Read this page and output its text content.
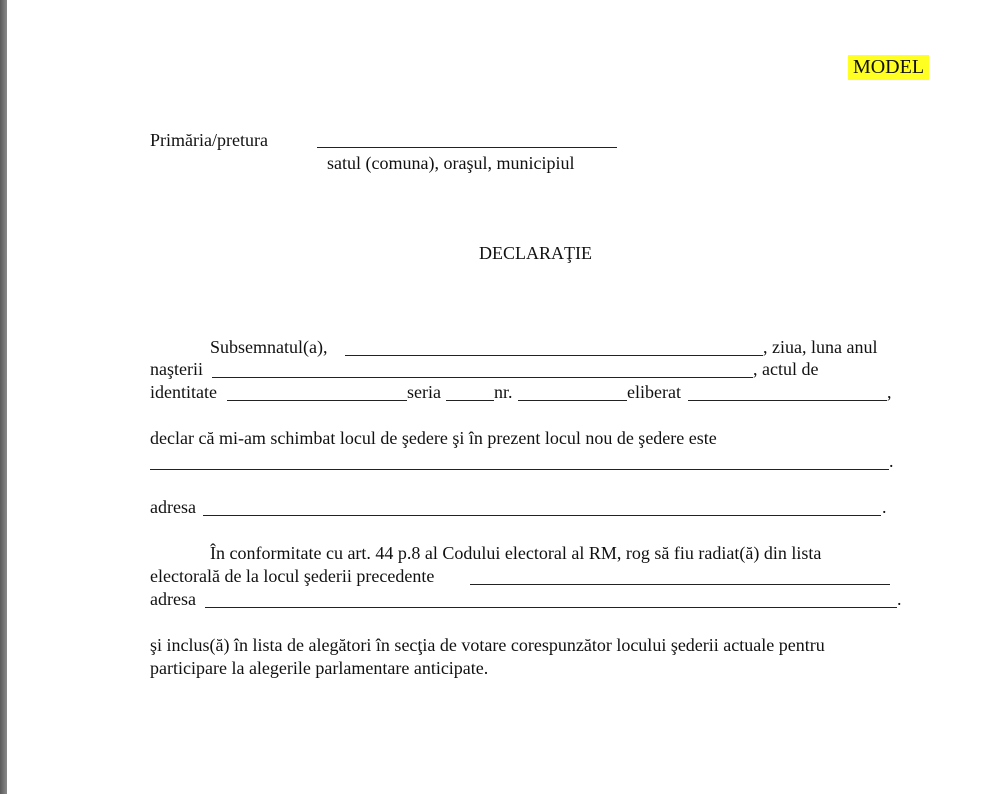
MODEL
Primăria/pretura
satul (comuna), oraşul, municipiul
DECLARAŢIE
Subsemnatul(a),	, ziua, luna anul
naşterii	, actul de
identitate	seria	nr.	eliberat	,
declar că mi-am schimbat locul de şedere şi în prezent locul nou de şedere este
.
adresa	.
În conformitate cu art. 44 p.8 al Codului electoral al RM, rog să fiu radiat(ă) din lista
electorală de la locul şederii precedente
adresa	.
şi inclus(ă) în lista de alegători în secţia de votare corespunzător locului şederii actuale pentru
participare la alegerile parlamentare anticipate.
